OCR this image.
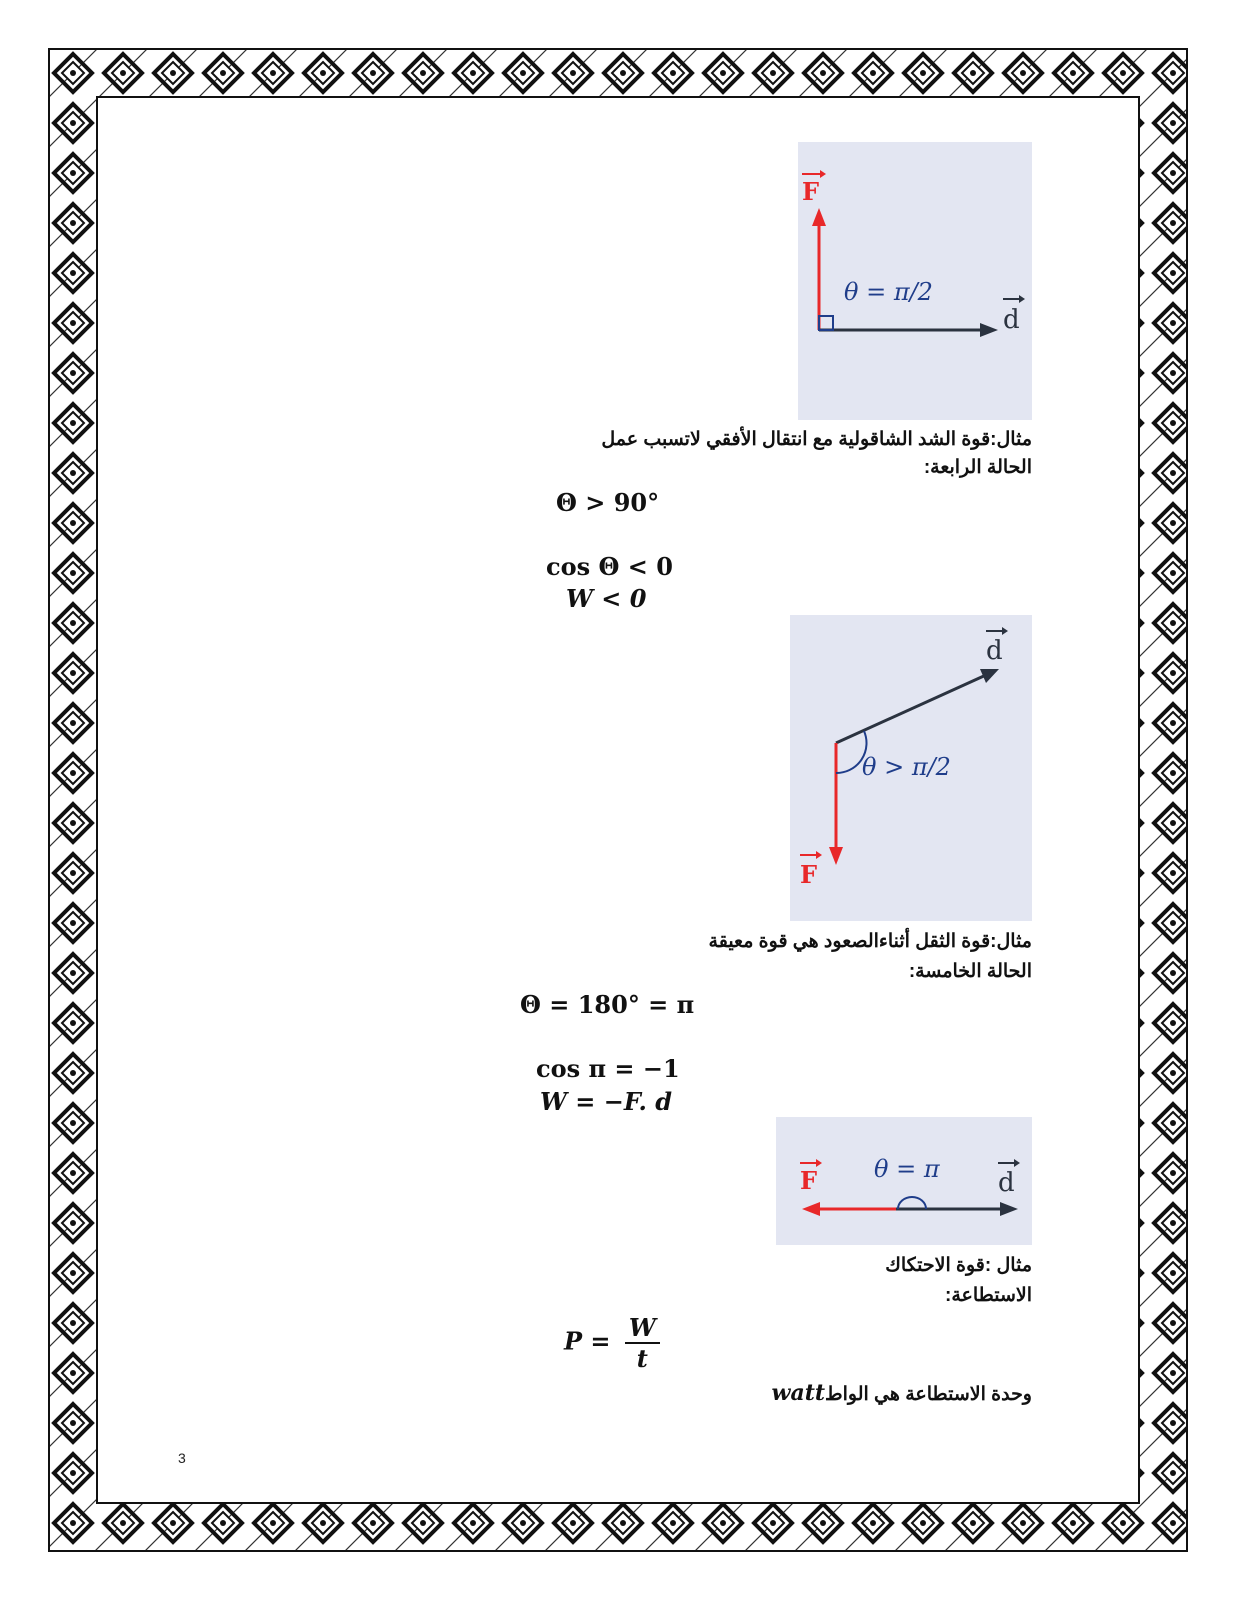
F
d
θ = π/2
مثال:قوة الشد الشاقولية مع انتقال الأفقي لاتسبب عمل
الحالة الرابعة:
Θ > 90°
cos Θ < 0
W < 0
d
F
θ > π/2
مثال:قوة الثقل أثناءالصعود هي قوة معيقة
الحالة الخامسة:
Θ = 180° = π
cos π = −1
W = −F. d
F	d
θ = π
مثال :قوة الاحتكاك
الاستطاعة:
$P = \frac{W}{t}$
وحدة الاستطاعة هي الواطwatt
3
